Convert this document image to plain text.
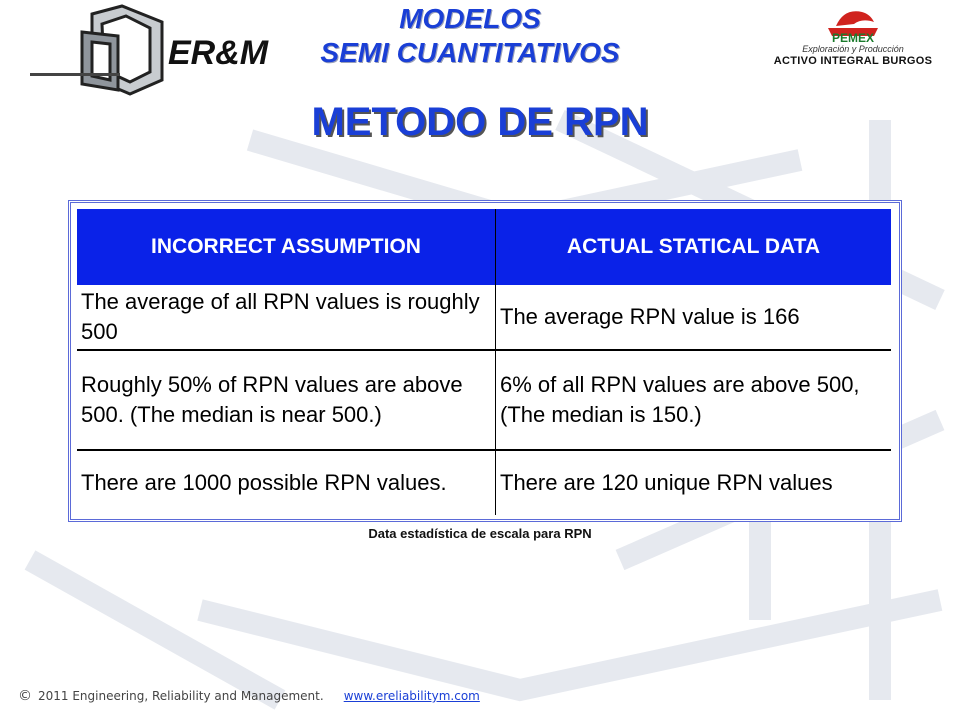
ER&M
MODELOS
SEMI CUANTITATIVOS	PEMEX
Exploración y Producción
ACTIVO INTEGRAL BURGOS
METODO DE RPN
INCORRECT ASSUMPTION	ACTUAL STATICAL DATA
The average of all RPN values is roughly 500	The average RPN value is 166
Roughly 50% of RPN values are above 500. (The median is near 500.)	6% of all RPN values are above 500, (The median is 150.)
There are 1000 possible RPN values.	There are 120 unique RPN values
Data estadística de escala para RPN
© 2011 Engineering, Reliability and Management. www.ereliabilitym.com
